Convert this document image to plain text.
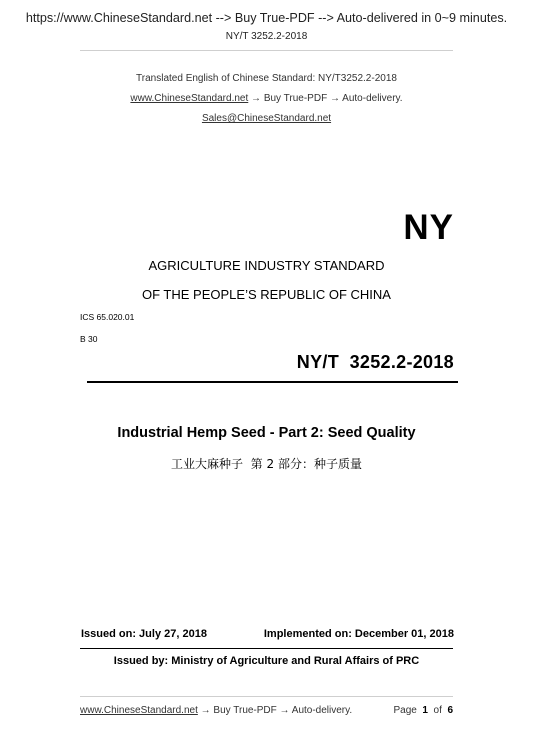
https://www.ChineseStandard.net --> Buy True-PDF --> Auto-delivered in 0~9 minutes.
NY/T 3252.2-2018
Translated English of Chinese Standard: NY/T3252.2-2018
www.ChineseStandard.net → Buy True-PDF → Auto-delivery.
Sales@ChineseStandard.net
NY
AGRICULTURE INDUSTRY STANDARD
OF THE PEOPLE’S REPUBLIC OF CHINA
ICS 65.020.01
B 30
NY/T  3252.2-2018
Industrial Hemp Seed - Part 2: Seed Quality
工业大麻种子  第 2 部分：种子质量
Issued on: July 27, 2018	Implemented on: December 01, 2018
Issued by: Ministry of Agriculture and Rural Affairs of PRC
www.ChineseStandard.net → Buy True-PDF → Auto-delivery.	Page 1 of 6
